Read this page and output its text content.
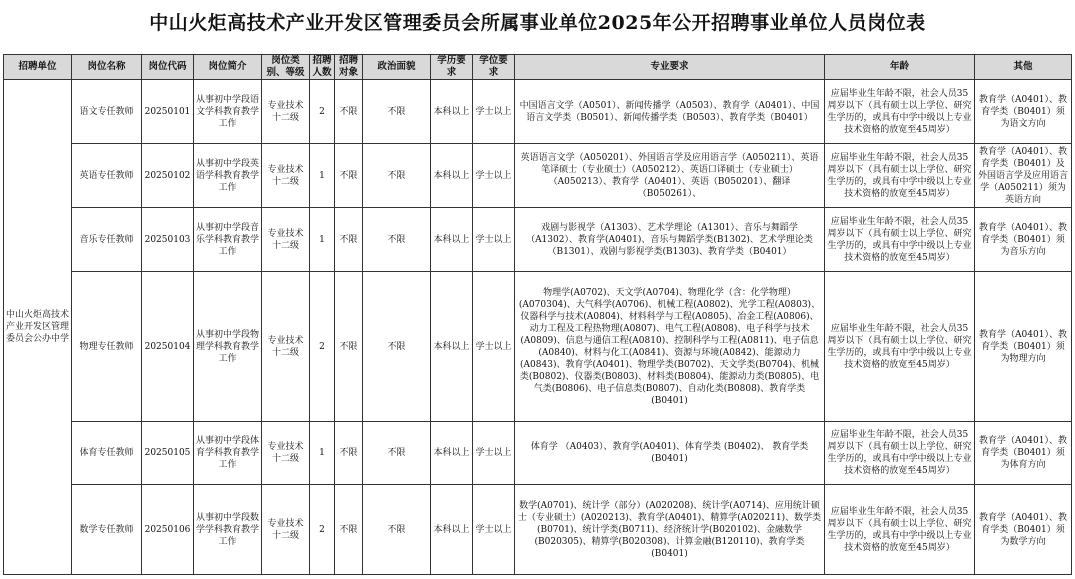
中山火炬高技术产业开发区管理委员会所属事业单位2025年公开招聘事业单位人员岗位表
招聘单位	岗位名称	岗位代码	岗位简介	岗位类别、等级	招聘人数	招聘对象	政治面貌	学历要求	学位要求	专业要求	年龄	其他
中山火炬高技术产业开发区管理委员会公办中学	语文专任教师	20250101	从事初中学段语文学科教育教学工作	专业技术十二级	2	不限	不限	本科以上	学士以上	中国语言文学（A0501）、新闻传播学（A0503）、教育学（A0401）、中国语言文学类（B0501）、新闻传播学类（B0503）、教育学类（B0401）	应届毕业生年龄不限，社会人员35周岁以下（具有硕士以上学位、研究生学历的，或具有中学中级以上专业技术资格的放宽至45周岁）	教育学（A0401）、教育学类（B0401）须为语文方向
	英语专任教师	20250102	从事初中学段英语学科教育教学工作	专业技术十二级	1	不限	不限	本科以上	学士以上	英语语言文学（A050201）、外国语言学及应用语言学（A050211）、英语笔译硕士（专业硕士）（A050212）、英语口译硕士（专业硕士）（A050213）、教育学（A0401）、英语（B050201）、翻译（B050261）、	应届毕业生年龄不限，社会人员35周岁以下（具有硕士以上学位、研究生学历的，或具有中学中级以上专业技术资格的放宽至45周岁）	教育学（A0401）、教育学类（B0401）及外国语言学及应用语言学（A050211）须为英语方向
	音乐专任教师	20250103	从事初中学段音乐学科教育教学工作	专业技术十二级	1	不限	不限	本科以上	学士以上	戏剧与影视学（A1303）、艺术学理论（A1301）、音乐与舞蹈学（A1302）、教育学(A0401)、音乐与舞蹈学类(B1302)、艺术学理论类（B1301）、戏剧与影视学类(B1303)、教育学类（B0401）	应届毕业生年龄不限，社会人员35周岁以下（具有硕士以上学位、研究生学历的，或具有中学中级以上专业技术资格的放宽至45周岁）	教育学（A0401）、教育学类（B0401）须为音乐方向
	物理专任教师	20250104	从事初中学段物理学科教育教学工作	专业技术十二级	2	不限	不限	本科以上	学士以上	物理学(A0702)、天文学(A0704)、物理化学（含：化学物理）(A070304)、大气科学(A0706)、机械工程(A0802)、光学工程(A0803)、仪器科学与技术(A0804)、材料科学与工程(A0805)、冶金工程(A0806)、动力工程及工程热物理(A0807)、电气工程(A0808)、电子科学与技术(A0809)、信息与通信工程(A0810)、控制科学与工程(A0811)、电子信息(A0840)、材料与化工(A0841)、资源与环境(A0842)、能源动力(A0843)、教育学(A0401)、物理学类(B0702)、天文学类(B0704)、机械类(B0802)、仪器类(B0803)、材料类(B0804)、能源动力类(B0805)、电气类(B0806)、电子信息类(B0807)、自动化类(B0808)、教育学类(B0401)	应届毕业生年龄不限，社会人员35周岁以下（具有硕士以上学位、研究生学历的，或具有中学中级以上专业技术资格的放宽至45周岁）	教育学（A0401）、教育学类（B0401）须为物理方向
	体育专任教师	20250105	从事初中学段体育学科教育教学工作	专业技术十二级	1	不限	不限	本科以上	学士以上	体育学 （A0403）、教育学(A0401)、体育学类 (B0402)、 教育学类(B0401)	应届毕业生年龄不限，社会人员35周岁以下（具有硕士以上学位、研究生学历的，或具有中学中级以上专业技术资格的放宽至45周岁）	教育学（A0401）、教育学类（B0401）须为体育方向
	数学专任教师	20250106	从事初中学段数学学科教育教学工作	专业技术十二级	2	不限	不限	本科以上	学士以上	数学(A0701)、统计学（部分）(A020208)、统计学(A0714)、应用统计硕士（专业硕士）(A020213)、教育学(A0401)、精算学(A020211)、数学类(B0701)、统计学类(B0711)、经济统计学(B020102)、金融数学(B020305)、精算学(B020308)、计算金融(B120110)、教育学类(B0401)	应届毕业生年龄不限，社会人员35周岁以下（具有硕士以上学位、研究生学历的，或具有中学中级以上专业技术资格的放宽至45周岁）	教育学（A0401）、教育学类（B0401）须为数学方向
